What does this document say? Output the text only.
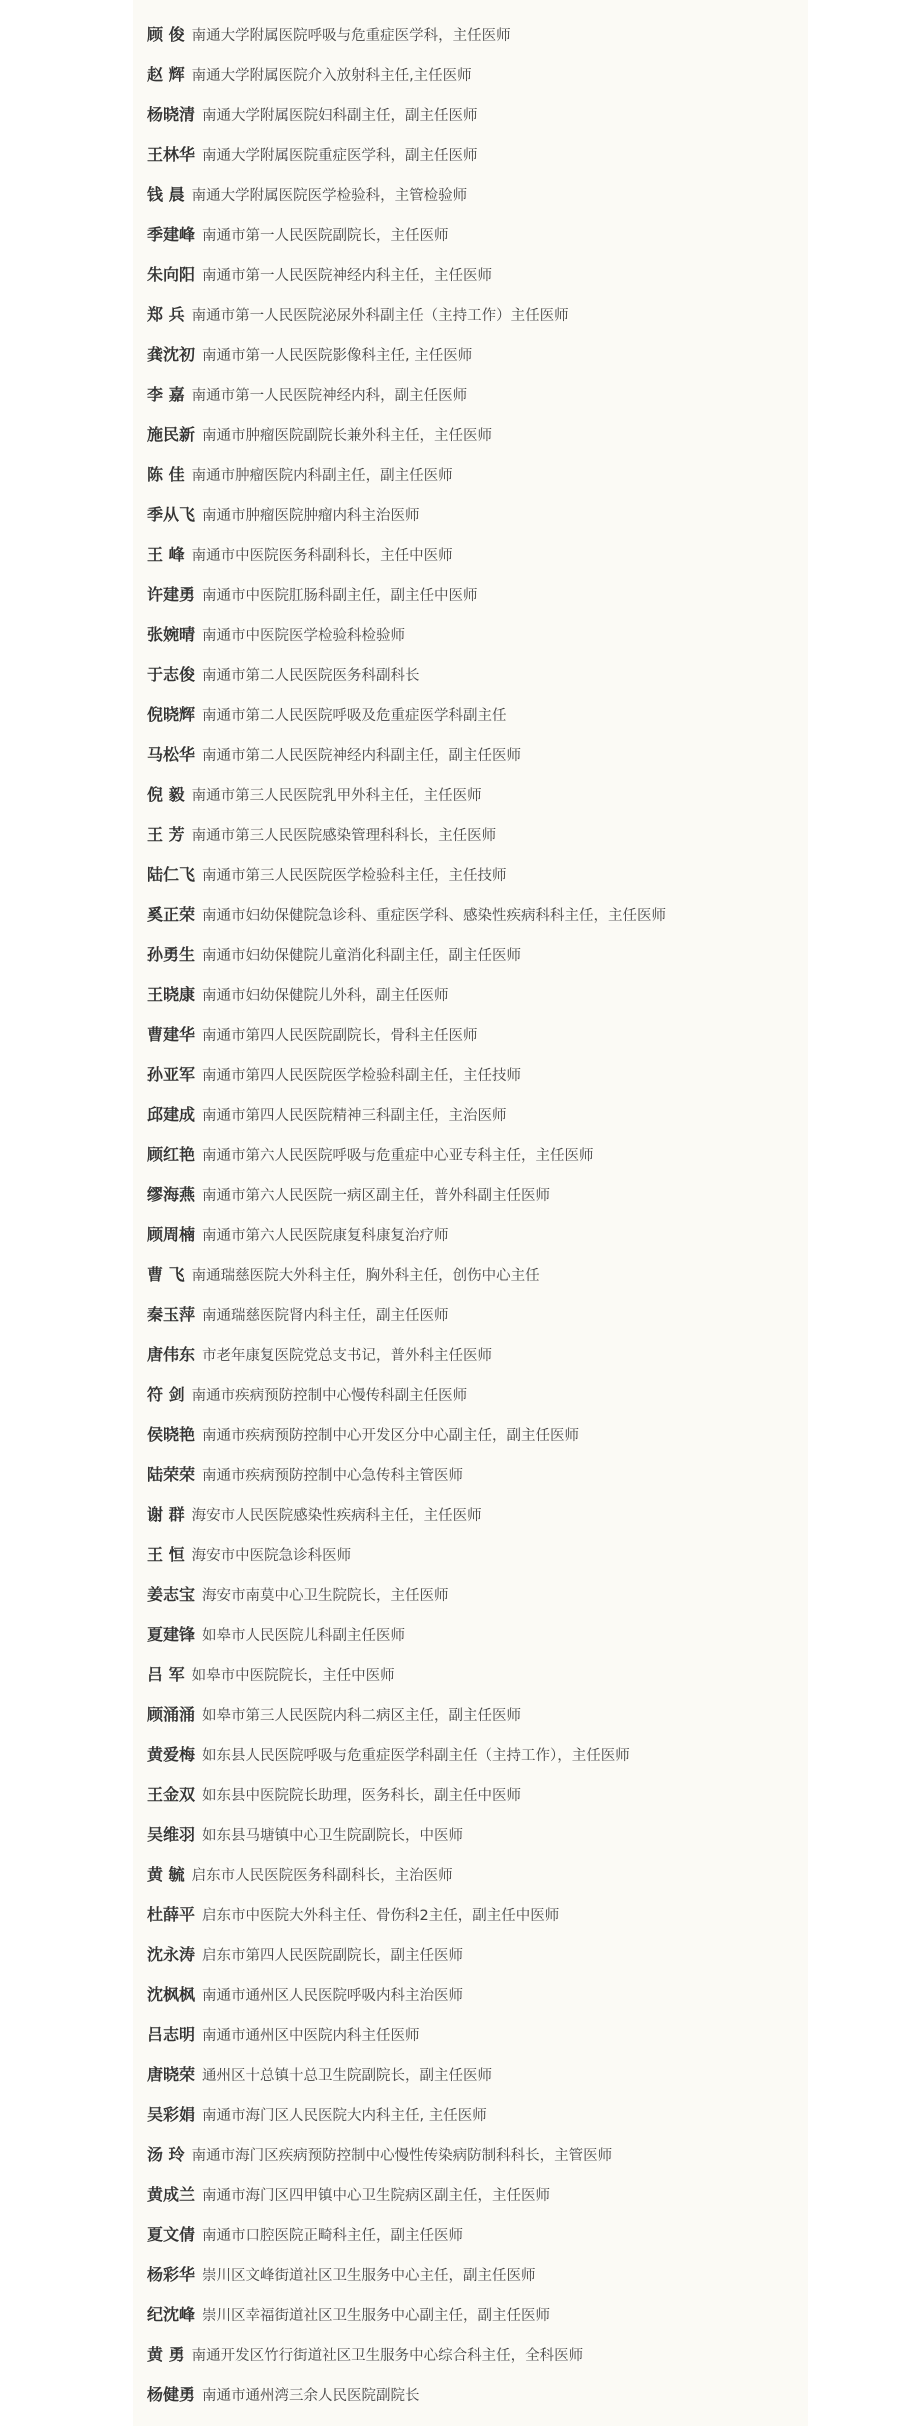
顾 俊 南通大学附属医院呼吸与危重症医学科，主任医师
赵 辉 南通大学附属医院介入放射科主任,主任医师
杨晓清 南通大学附属医院妇科副主任，副主任医师
王林华 南通大学附属医院重症医学科，副主任医师
钱 晨 南通大学附属医院医学检验科，主管检验师
季建峰 南通市第一人民医院副院长，主任医师
朱向阳 南通市第一人民医院神经内科主任，主任医师
郑 兵 南通市第一人民医院泌尿外科副主任（主持工作）主任医师
龚沈初 南通市第一人民医院影像科主任, 主任医师
李 嘉 南通市第一人民医院神经内科，副主任医师
施民新 南通市肿瘤医院副院长兼外科主任，主任医师
陈 佳 南通市肿瘤医院内科副主任，副主任医师
季从飞 南通市肿瘤医院肿瘤内科主治医师
王 峰 南通市中医院医务科副科长，主任中医师
许建勇 南通市中医院肛肠科副主任，副主任中医师
张婉晴 南通市中医院医学检验科检验师
于志俊 南通市第二人民医院医务科副科长
倪晓辉 南通市第二人民医院呼吸及危重症医学科副主任
马松华 南通市第二人民医院神经内科副主任，副主任医师
倪 毅 南通市第三人民医院乳甲外科主任，主任医师
王 芳 南通市第三人民医院感染管理科科长，主任医师
陆仁飞 南通市第三人民医院医学检验科主任，主任技师
奚正荣 南通市妇幼保健院急诊科、重症医学科、感染性疾病科科主任，主任医师
孙勇生 南通市妇幼保健院儿童消化科副主任，副主任医师
王晓康 南通市妇幼保健院儿外科，副主任医师
曹建华 南通市第四人民医院副院长，骨科主任医师
孙亚军 南通市第四人民医院医学检验科副主任，主任技师
邱建成 南通市第四人民医院精神三科副主任，主治医师
顾红艳 南通市第六人民医院呼吸与危重症中心亚专科主任，主任医师
缪海燕 南通市第六人民医院一病区副主任，普外科副主任医师
顾周楠 南通市第六人民医院康复科康复治疗师
曹 飞 南通瑞慈医院大外科主任，胸外科主任，创伤中心主任
秦玉萍 南通瑞慈医院肾内科主任，副主任医师
唐伟东 市老年康复医院党总支书记，普外科主任医师
符 剑 南通市疾病预防控制中心慢传科副主任医师
侯晓艳 南通市疾病预防控制中心开发区分中心副主任，副主任医师
陆荣荣 南通市疾病预防控制中心急传科主管医师
谢 群 海安市人民医院感染性疾病科主任，主任医师
王 恒 海安市中医院急诊科医师
姜志宝 海安市南莫中心卫生院院长，主任医师
夏建锋 如皋市人民医院儿科副主任医师
吕 军 如皋市中医院院长，主任中医师
顾涌涌 如皋市第三人民医院内科二病区主任，副主任医师
黄爱梅 如东县人民医院呼吸与危重症医学科副主任（主持工作），主任医师
王金双 如东县中医院院长助理，医务科长，副主任中医师
吴维羽 如东县马塘镇中心卫生院副院长，中医师
黄 毓 启东市人民医院医务科副科长，主治医师
杜薛平 启东市中医院大外科主任、骨伤科2主任，副主任中医师
沈永涛 启东市第四人民医院副院长，副主任医师
沈枫枫 南通市通州区人民医院呼吸内科主治医师
吕志明 南通市通州区中医院内科主任医师
唐晓荣 通州区十总镇十总卫生院副院长，副主任医师
吴彩娟 南通市海门区人民医院大内科主任, 主任医师
汤 玲 南通市海门区疾病预防控制中心慢性传染病防制科科长，主管医师
黄成兰 南通市海门区四甲镇中心卫生院病区副主任，主任医师
夏文倩 南通市口腔医院正畸科主任，副主任医师
杨彩华 崇川区文峰街道社区卫生服务中心主任，副主任医师
纪沈峰 崇川区幸福街道社区卫生服务中心副主任，副主任医师
黄 勇 南通开发区竹行街道社区卫生服务中心综合科主任，全科医师
杨健勇 南通市通州湾三余人民医院副院长
